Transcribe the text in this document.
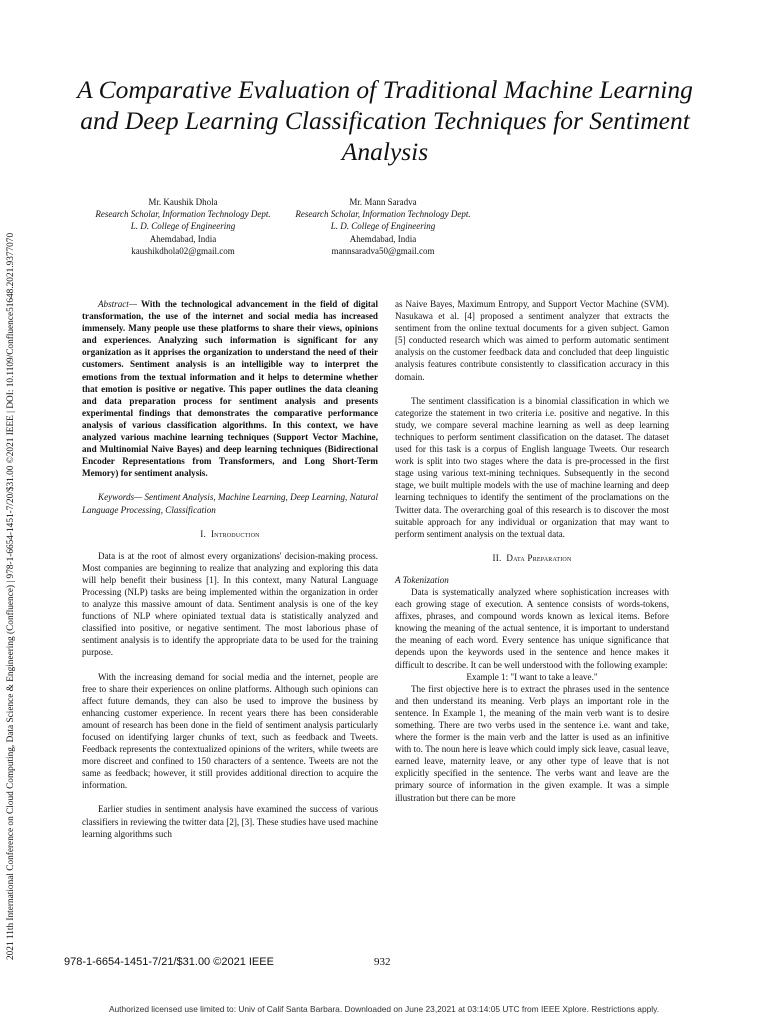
2021 11th International Conference on Cloud Computing, Data Science & Engineering (Confluence) | 978-1-6654-1451-7/20/$31.00 ©2021 IEEE | DOI: 10.1109/Confluence51648.2021.9377070
A Comparative Evaluation of Traditional Machine Learning and Deep Learning Classification Techniques for Sentiment Analysis
Mr. Kaushik Dhola
Research Scholar, Information Technology Dept.
L. D. College of Engineering
Ahemdabad, India
kaushikdhola02@gmail.com
Mr. Mann Saradva
Research Scholar, Information Technology Dept.
L. D. College of Engineering
Ahemdabad, India
mannsaradva50@gmail.com

Abstract— With the technological advancement in the field of digital transformation, the use of the internet and social media has increased immensely. Many people use these platforms to share their views, opinions and experiences. Analyzing such information is significant for any organization as it apprises the organization to understand the need of their customers. Sentiment analysis is an intelligible way to interpret the emotions from the textual information and it helps to determine whether that emotion is positive or negative. This paper outlines the data cleaning and data preparation process for sentiment analysis and presents experimental findings that demonstrates the comparative performance analysis of various classification algorithms. In this context, we have analyzed various machine learning techniques (Support Vector Machine, and Multinomial Naive Bayes) and deep learning techniques (Bidirectional Encoder Representations from Transformers, and Long Short-Term Memory) for sentiment analysis.

Keywords— Sentiment Analysis, Machine Learning, Deep Learning, Natural Language Processing, Classification

I. Introduction

Data is at the root of almost every organizations' decision-making process. Most companies are beginning to realize that analyzing and exploring this data will help benefit their business [1]. In this context, many Natural Language Processing (NLP) tasks are being implemented within the organization in order to analyze this massive amount of data. Sentiment analysis is one of the key functions of NLP where opiniated textual data is statistically analyzed and classified into positive, or negative sentiment. The most laborious phase of sentiment analysis is to identify the appropriate data to be used for the training purpose.

With the increasing demand for social media and the internet, people are free to share their experiences on online platforms. Although such opinions can affect future demands, they can also be used to improve the business by enhancing customer experience. In recent years there has been considerable amount of research has been done in the field of sentiment analysis particularly focused on identifying larger chunks of text, such as feedback and Tweets. Feedback represents the contextualized opinions of the writers, while tweets are more discreet and confined to 150 characters of a sentence. Tweets are not the same as feedback; however, it still provides additional direction to acquire the information.

Earlier studies in sentiment analysis have examined the success of various classifiers in reviewing the twitter data [2], [3]. These studies have used machine learning algorithms such

as Naive Bayes, Maximum Entropy, and Support Vector Machine (SVM). Nasukawa et al. [4] proposed a sentiment analyzer that extracts the sentiment from the online textual documents for a given subject. Gamon [5] conducted research which was aimed to perform automatic sentiment analysis on the customer feedback data and concluded that deep linguistic analysis features contribute consistently to classification accuracy in this domain.

The sentiment classification is a binomial classification in which we categorize the statement in two criteria i.e. positive and negative. In this study, we compare several machine learning as well as deep learning techniques to perform sentiment classification on the dataset. The dataset used for this task is a corpus of English language Tweets. Our research work is split into two stages where the data is pre-processed in the first stage using various text-mining techniques. Subsequently in the second stage, we built multiple models with the use of machine learning and deep learning techniques to identify the sentiment of the proclamations on the Twitter data. The overarching goal of this research is to discover the most suitable approach for any individual or organization that may want to perform sentiment analysis on the textual data.

II. Data Preparation

A Tokenization

Data is systematically analyzed where sophistication increases with each growing stage of execution. A sentence consists of words-tokens, affixes, phrases, and compound words known as lexical items. Before knowing the meaning of the actual sentence, it is important to understand the meaning of each word. Every sentence has unique significance that depends upon the keywords used in the sentence and hence makes it difficult to describe. It can be well understood with the following example:

Example 1: "I want to take a leave."

The first objective here is to extract the phrases used in the sentence and then understand its meaning. Verb plays an important role in the sentence. In Example 1, the meaning of the main verb want is to desire something. There are two verbs used in the sentence i.e. want and take, where the former is the main verb and the latter is used as an infinitive with to. The noun here is leave which could imply sick leave, casual leave, earned leave, maternity leave, or any other type of leave that is not explicitly specified in the sentence. The verbs want and leave are the primary source of information in the given example. It was a simple illustration but there can be more

978-1-6654-1451-7/21/$31.00 ©2021 IEEE	932
Authorized licensed use limited to: Univ of Calif Santa Barbara. Downloaded on June 23,2021 at 03:14:05 UTC from IEEE Xplore. Restrictions apply.
